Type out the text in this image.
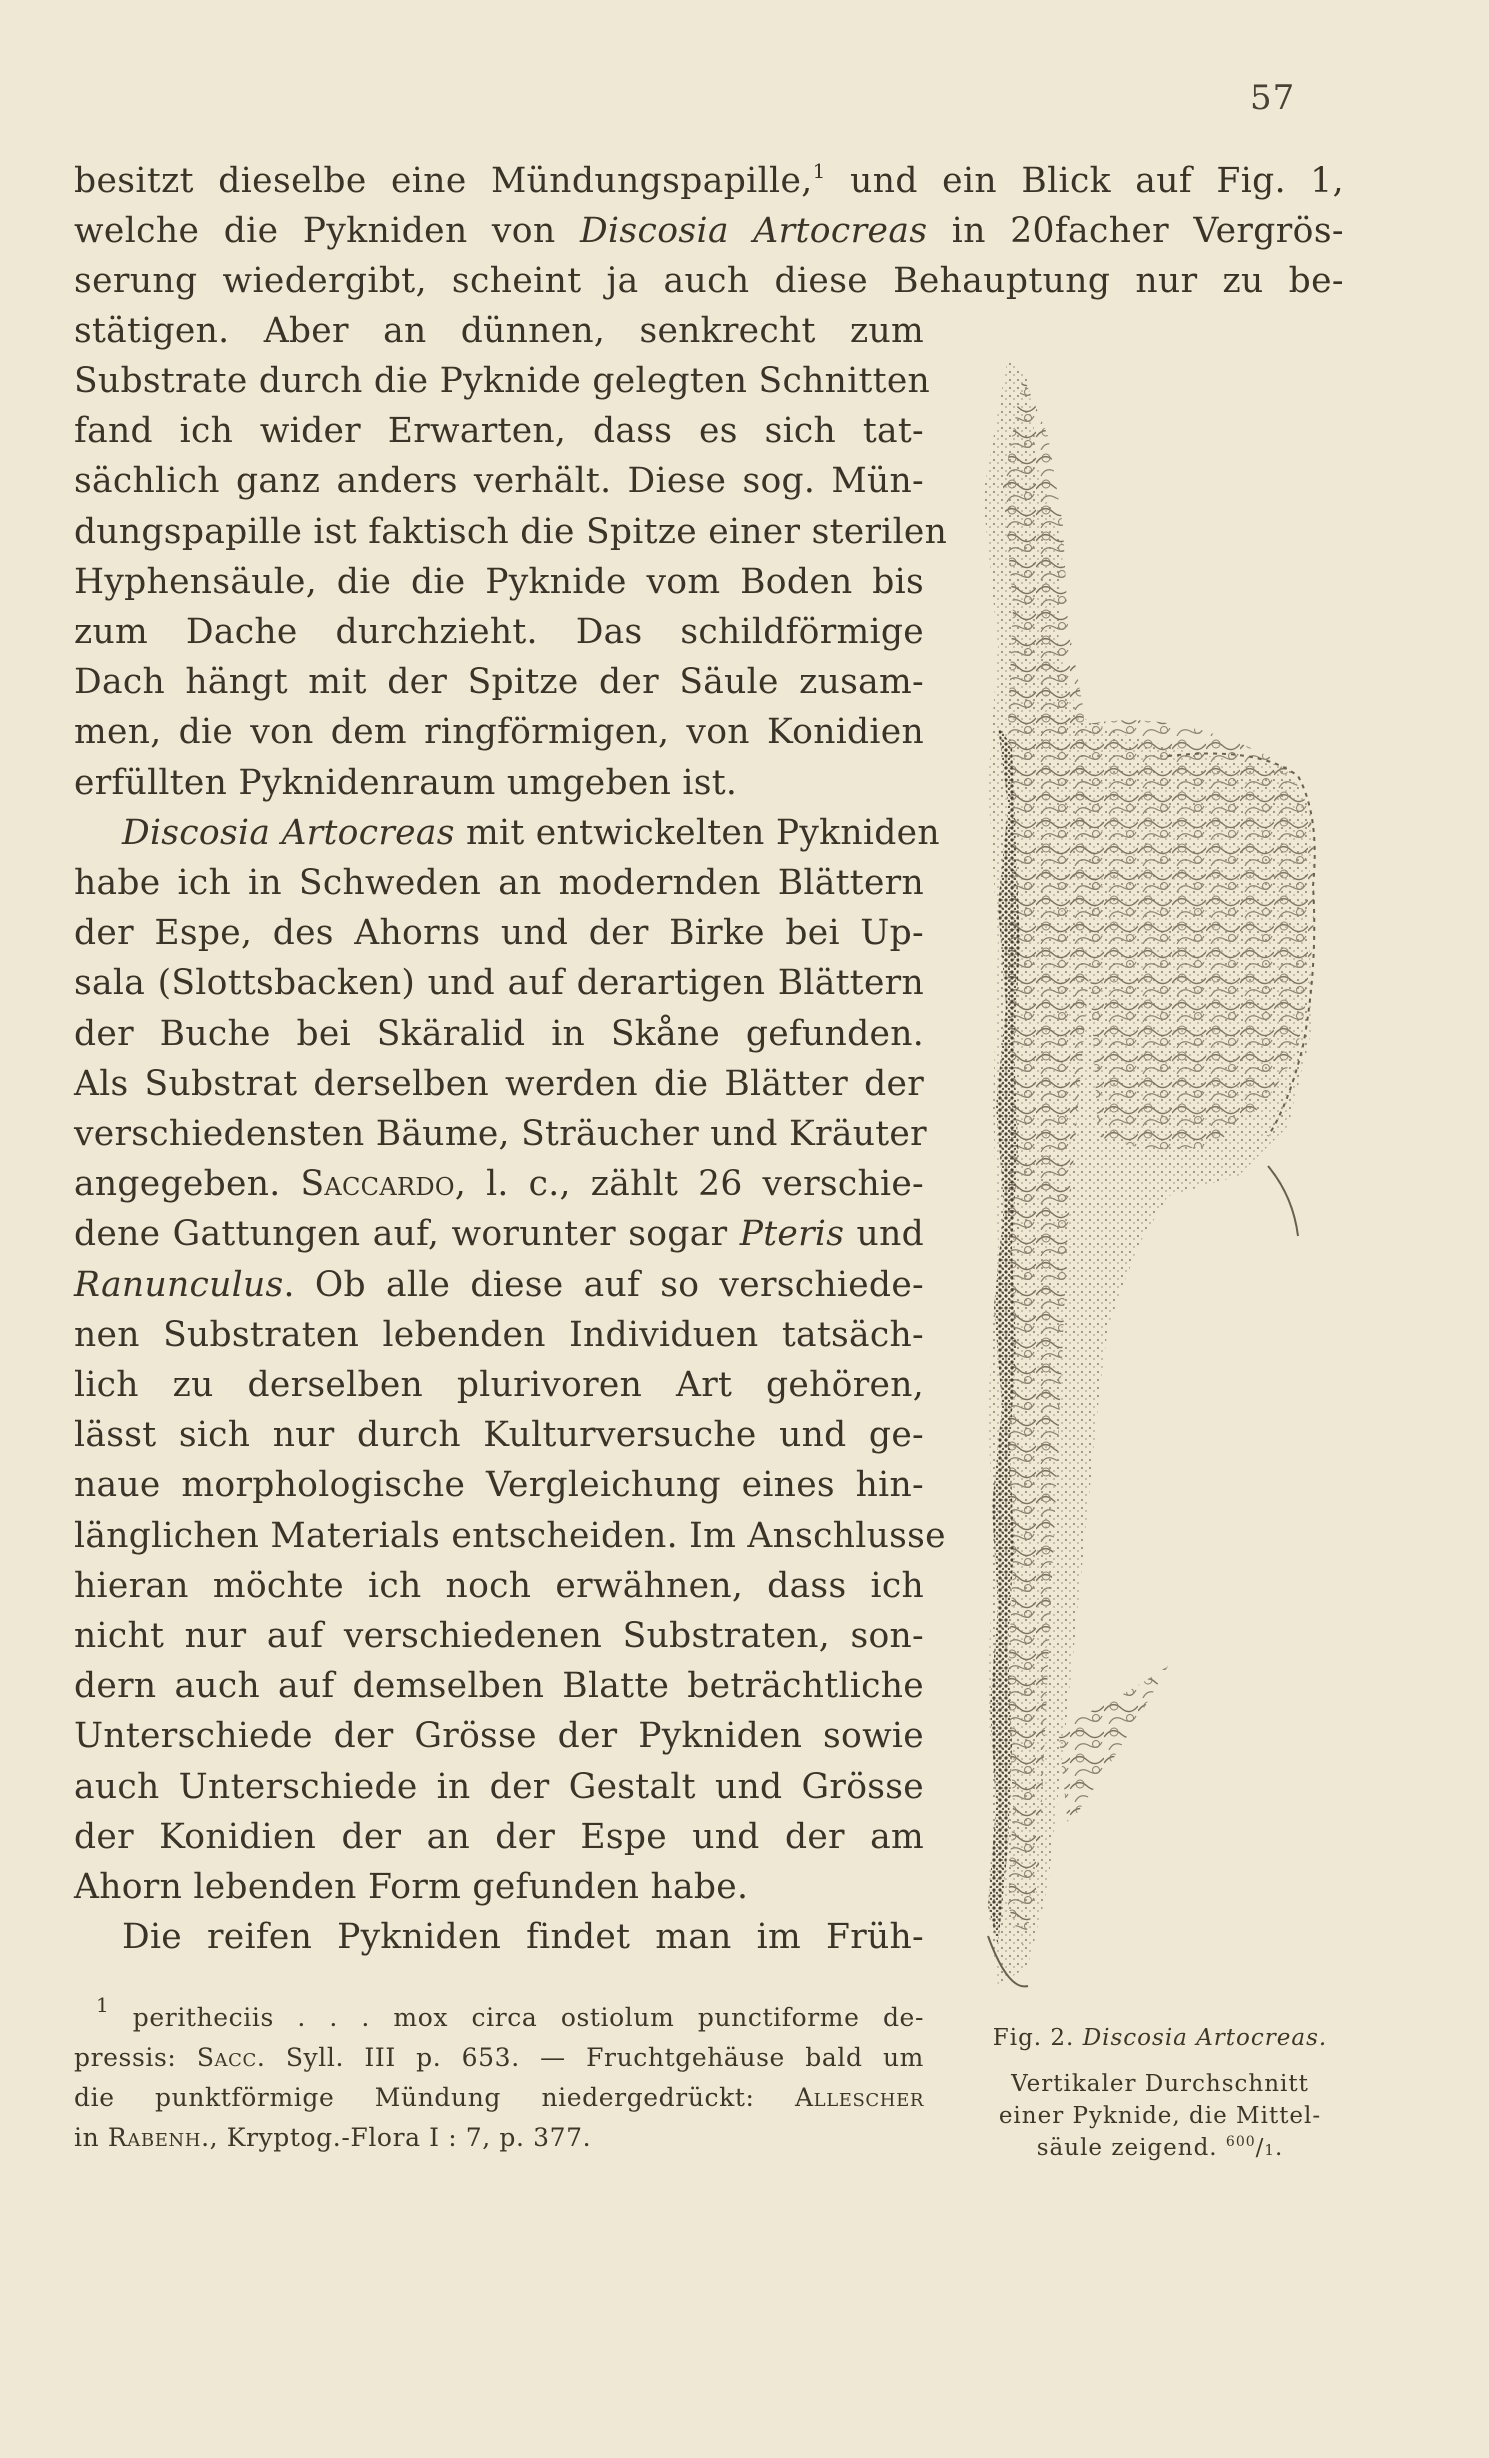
57
besitzt dieselbe eine Mündungspapille,$^1$ und ein Blick auf Fig. 1,
welche die Pykniden von Discosia Artocreas in 20facher Vergrös-
serung wiedergibt, scheint ja auch diese Behauptung nur zu be-
stätigen. Aber an dünnen, senkrecht zum
Substrate durch die Pyknide gelegten Schnitten
fand ich wider Erwarten, dass es sich tat-
sächlich ganz anders verhält. Diese sog. Mün-
dungspapille ist faktisch die Spitze einer sterilen
Hyphensäule, die die Pyknide vom Boden bis
zum Dache durchzieht. Das schildförmige
Dach hängt mit der Spitze der Säule zusam-
men, die von dem ringförmigen, von Konidien
erfüllten Pyknidenraum umgeben ist.
Discosia Artocreas mit entwickelten Pykniden
habe ich in Schweden an modernden Blättern
der Espe, des Ahorns und der Birke bei Up-
sala (Slottsbacken) und auf derartigen Blättern
der Buche bei Skäralid in Skåne gefunden.
Als Substrat derselben werden die Blätter der
verschiedensten Bäume, Sträucher und Kräuter
angegeben. Saccardo, l. c., zählt 26 verschie-
dene Gattungen auf, worunter sogar Pteris und
Ranunculus. Ob alle diese auf so verschiede-
nen Substraten lebenden Individuen tatsäch-
lich zu derselben plurivoren Art gehören,
lässt sich nur durch Kulturversuche und ge-
naue morphologische Vergleichung eines hin-
länglichen Materials entscheiden. Im Anschlusse
hieran möchte ich noch erwähnen, dass ich
nicht nur auf verschiedenen Substraten, son-
dern auch auf demselben Blatte beträchtliche
Unterschiede der Grösse der Pykniden sowie
auch Unterschiede in der Gestalt und Grösse
der Konidien der an der Espe und der am
Ahorn lebenden Form gefunden habe.
Die reifen Pykniden findet man im Früh-
$^1$ peritheciis . . . mox circa ostiolum punctiforme de-
pressis: Sacc. Syll. III p. 653. — Fruchtgehäuse bald um
die punktförmige Mündung niedergedrückt: Allescher
in Rabenh., Kryptog.-Flora I : 7, p. 377.
Fig. 2. Discosia Artocreas.
Vertikaler Durchschnitt
einer Pyknide, die Mittel-
säule zeigend. $^{600}$/1.
